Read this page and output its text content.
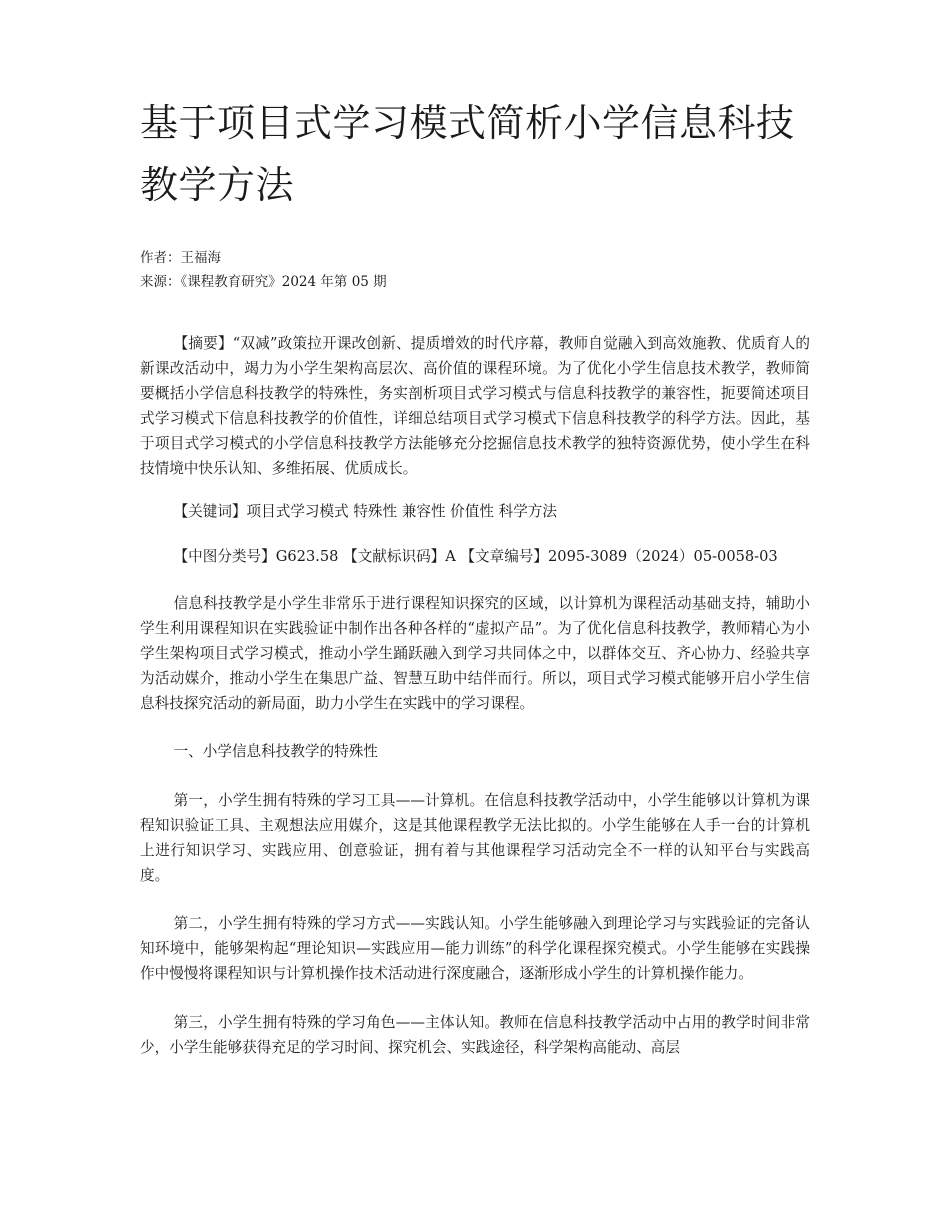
基于项目式学习模式简析小学信息科技教学方法
作者：王福海
来源：《课程教育研究》2024 年第 05 期

【摘要】“双减”政策拉开课改创新、提质增效的时代序幕，教师自觉融入到高效施教、优质育人的新课改活动中，竭力为小学生架构高层次、高价值的课程环境。为了优化小学生信息技术教学，教师简要概括小学信息科技教学的特殊性，务实剖析项目式学习模式与信息科技教学的兼容性，扼要简述项目式学习模式下信息科技教学的价值性，详细总结项目式学习模式下信息科技教学的科学方法。因此，基于项目式学习模式的小学信息科技教学方法能够充分挖掘信息技术教学的独特资源优势，使小学生在科技情境中快乐认知、多维拓展、优质成长。

【关键词】项目式学习模式 特殊性 兼容性 价值性 科学方法

【中图分类号】G623.58 【文献标识码】A 【文章编号】2095-3089（2024）05-0058-03

信息科技教学是小学生非常乐于进行课程知识探究的区域，以计算机为课程活动基础支持，辅助小学生利用课程知识在实践验证中制作出各种各样的“虚拟产品”。为了优化信息科技教学，教师精心为小学生架构项目式学习模式，推动小学生踊跃融入到学习共同体之中，以群体交互、齐心协力、经验共享为活动媒介，推动小学生在集思广益、智慧互助中结伴而行。所以，项目式学习模式能够开启小学生信息科技探究活动的新局面，助力小学生在实践中的学习课程。

一、小学信息科技教学的特殊性

第一，小学生拥有特殊的学习工具——计算机。在信息科技教学活动中，小学生能够以计算机为课程知识验证工具、主观想法应用媒介，这是其他课程教学无法比拟的。小学生能够在人手一台的计算机上进行知识学习、实践应用、创意验证，拥有着与其他课程学习活动完全不一样的认知平台与实践高度。

第二，小学生拥有特殊的学习方式——实践认知。小学生能够融入到理论学习与实践验证的完备认知环境中，能够架构起“理论知识—实践应用—能力训练”的科学化课程探究模式。小学生能够在实践操作中慢慢将课程知识与计算机操作技术活动进行深度融合，逐渐形成小学生的计算机操作能力。

第三，小学生拥有特殊的学习角色——主体认知。教师在信息科技教学活动中占用的教学时间非常少，小学生能够获得充足的学习时间、探究机会、实践途径，科学架构高能动、高层
